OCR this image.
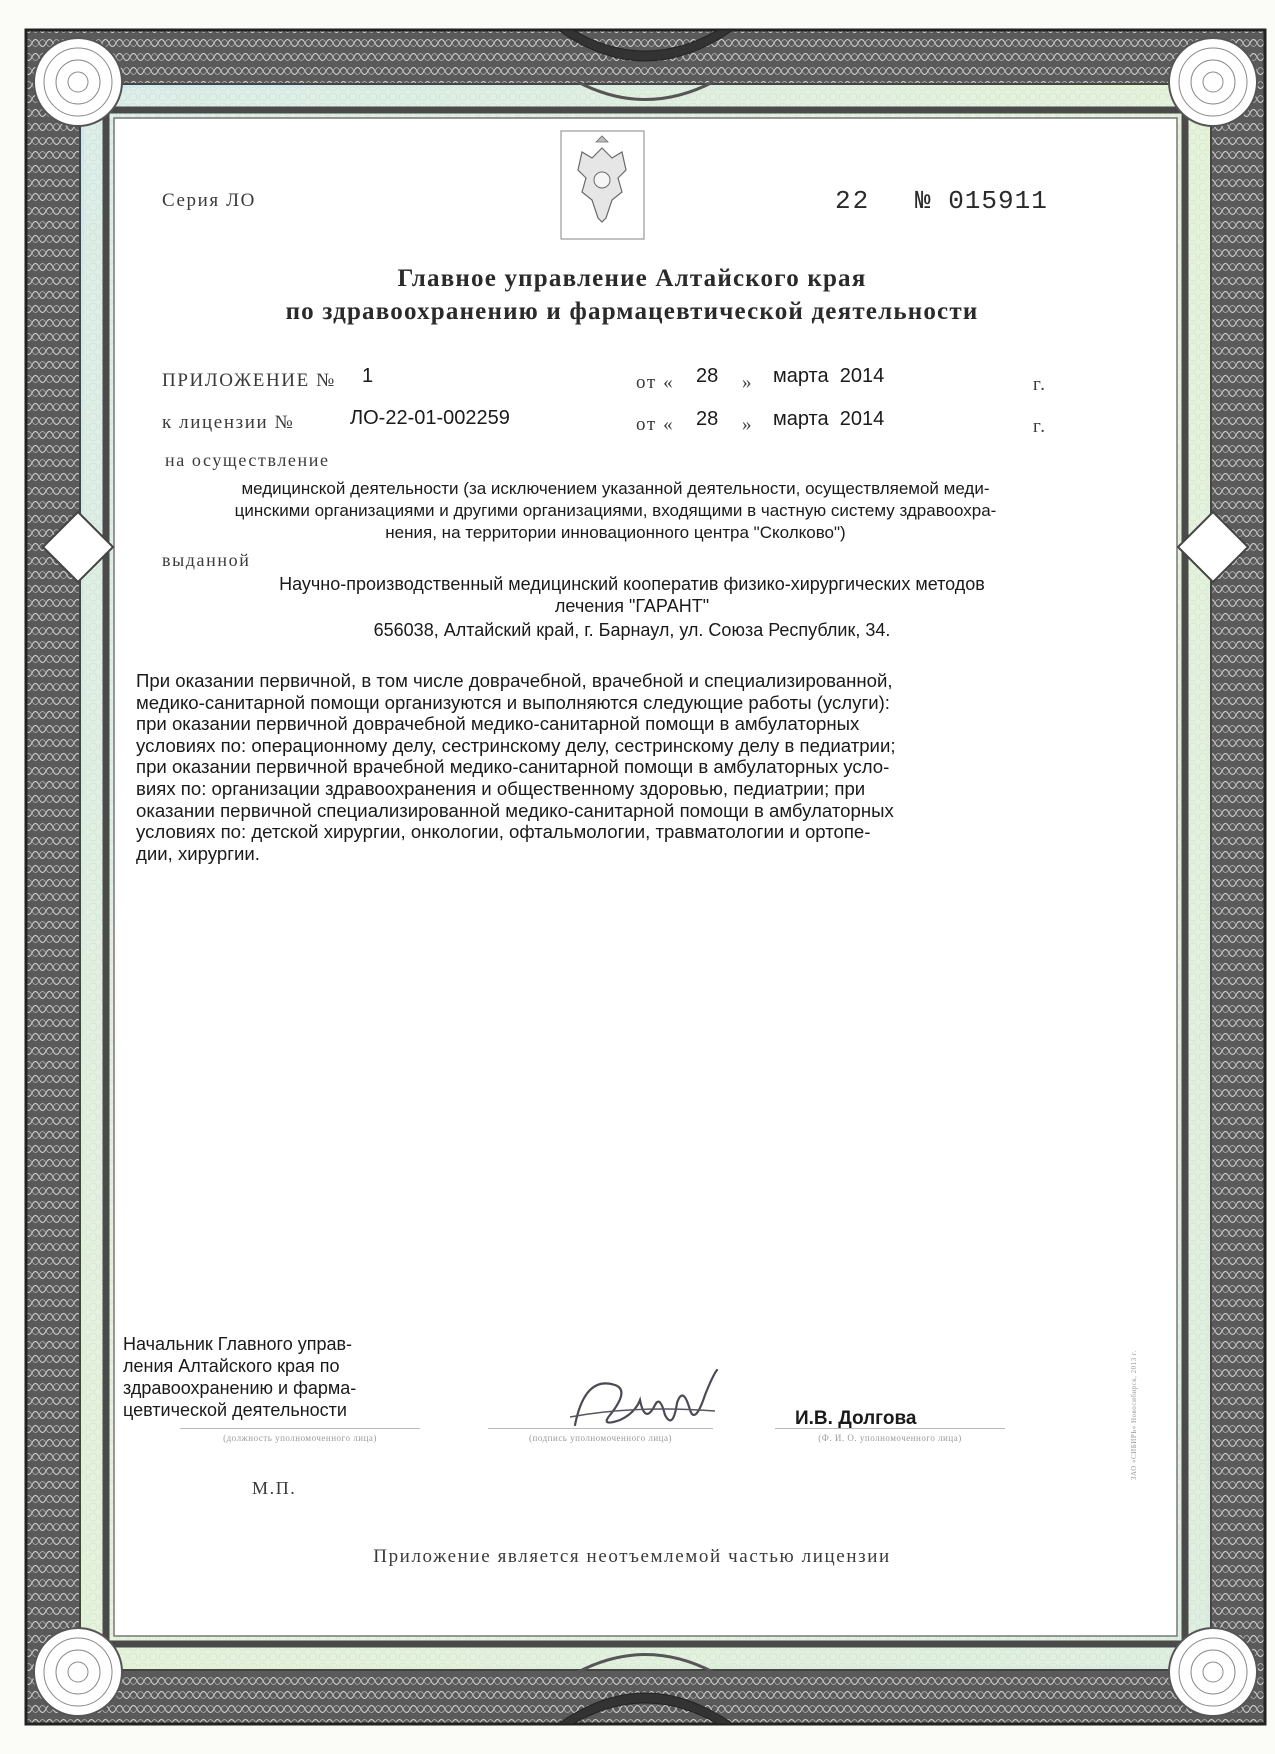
Серия ЛО	22 № 015911
Главное управление Алтайского края
по здравоохранению и фармацевтической деятельности
ПРИЛОЖЕНИЕ № 1	от « 28 » марта  2014	г.
к лицензии №	ЛО-22-01-002259	от « 28 » марта  2014	г.
на осуществление
медицинской деятельности (за исключением указанной деятельности, осуществляемой меди-
цинскими организациями и другими организациями, входящими в частную систему здравоохра-
нения, на территории инновационного центра "Сколково")
выданной
Научно-производственный медицинский кооператив физико-хирургических методов
лечения "ГАРАНТ"
656038, Алтайский край, г. Барнаул, ул. Союза Республик, 34.
При оказании первичной, в том числе доврачебной, врачебной и специализированной,
медико-санитарной помощи организуются и выполняются следующие работы (услуги):
при оказании первичной доврачебной медико-санитарной помощи в амбулаторных
условиях по: операционному делу, сестринскому делу, сестринскому делу в педиатрии;
при оказании первичной врачебной медико-санитарной помощи в амбулаторных усло-
виях по: организации здравоохранения и общественному здоровью, педиатрии; при
оказании первичной специализированной медико-санитарной помощи в амбулаторных
условиях по: детской хирургии, онкологии, офтальмологии, травматологии и ортопе-
дии, хирургии.
Начальник Главного управ-
ления Алтайского края по
здравоохранению и фарма-
цевтической деятельности	И.В. Долгова
(должность уполномоченного лица)	(подпись уполномоченного лица)	(Ф. И. О. уполномоченного лица)
М.П.
Приложение является неотъемлемой частью лицензии
ЗАО «СИБИРЬ» Новосибирск, 2013 г.
